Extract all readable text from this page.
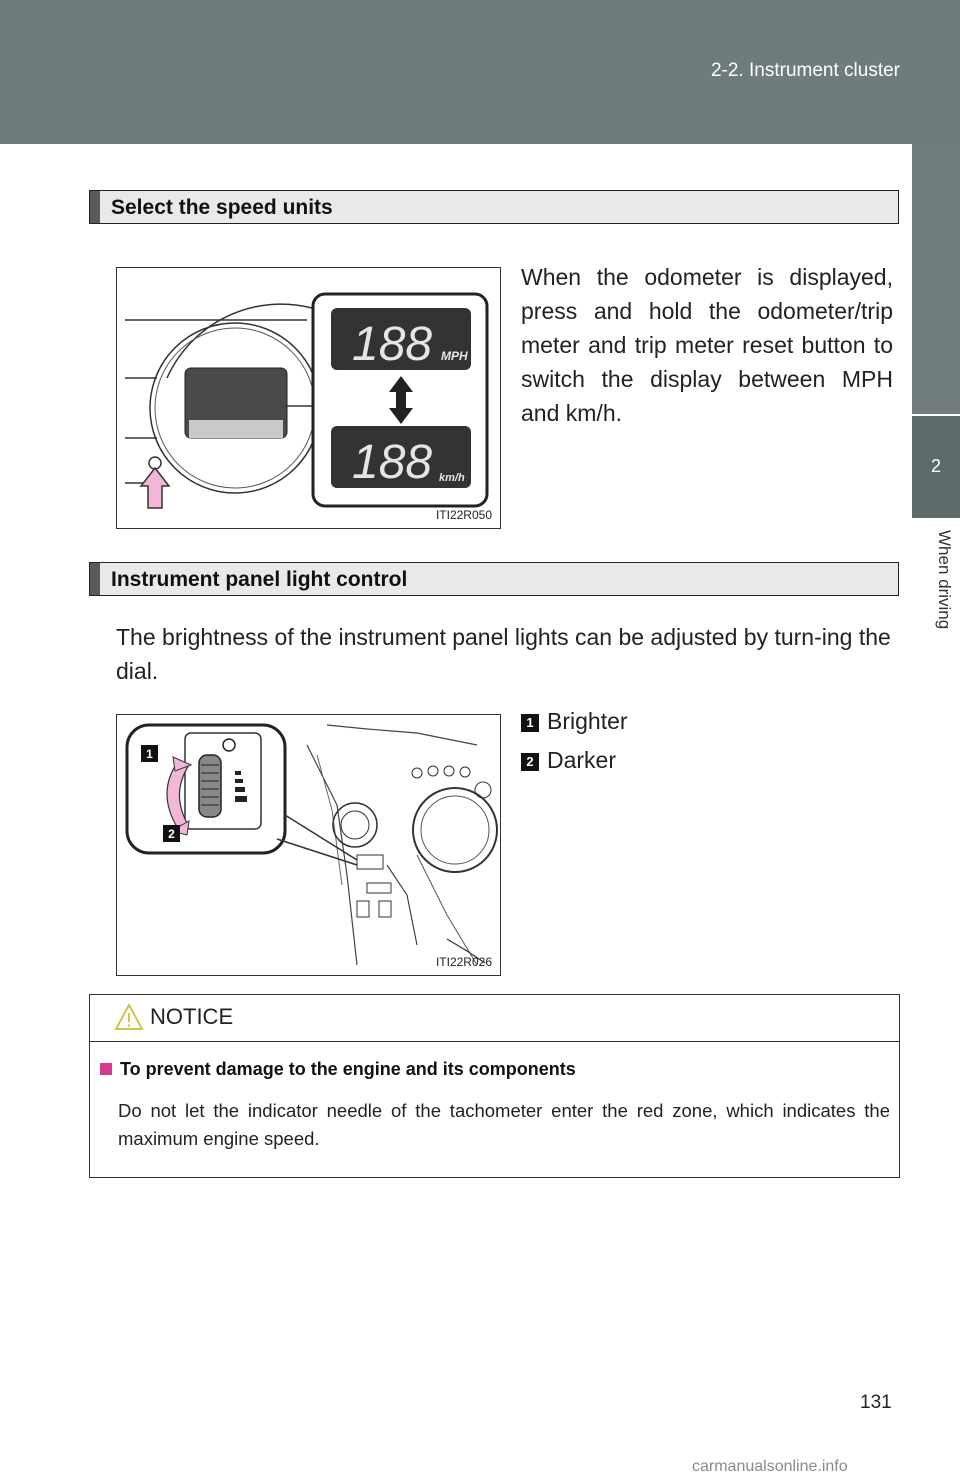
2-2. Instrument cluster
2
When driving
Select the speed units
188 MPH
188 km/h
ITI22R050
When the odometer is displayed, press and hold the odometer/trip meter and trip meter reset button to switch the display between MPH and km/h.
Instrument panel light control
The brightness of the instrument panel lights can be adjusted by turn-ing the dial.
1 Brighter
2 Darker
1
2
ITI22R026
NOTICE
To prevent damage to the engine and its components
Do not let the indicator needle of the tachometer enter the red zone, which indicates the maximum engine speed.
131
carmanualsonline.info
